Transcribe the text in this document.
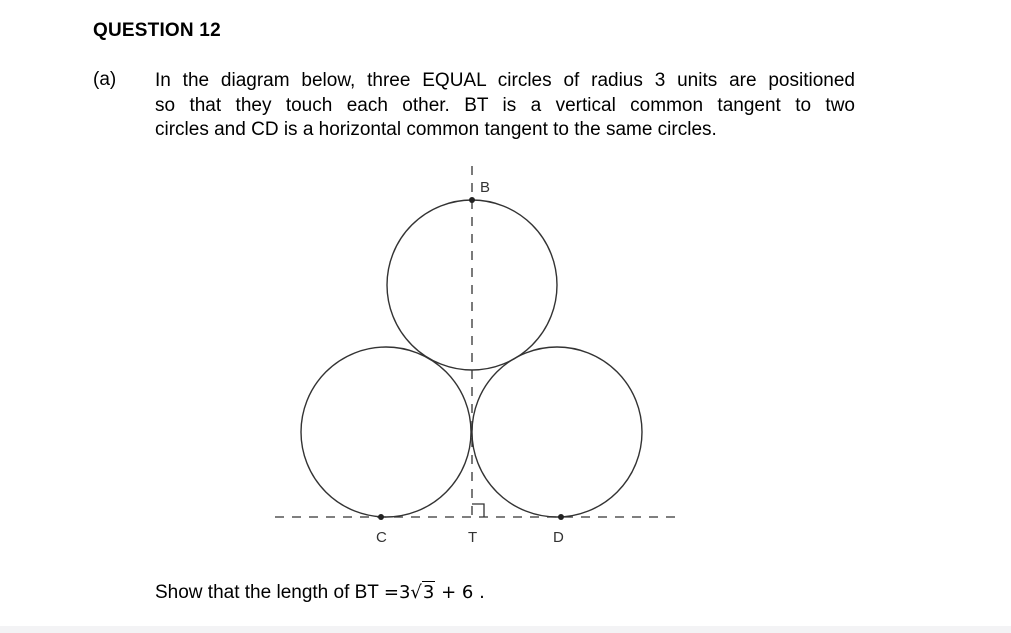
QUESTION 12
(a) In the diagram below, three EQUAL circles of radius 3 units are positioned
so that they touch each other. BT is a vertical common tangent to two
circles and CD is a horizontal common tangent to the same circles.
B
C	T	D
Show that the length of BT =3√3 + 6 .
